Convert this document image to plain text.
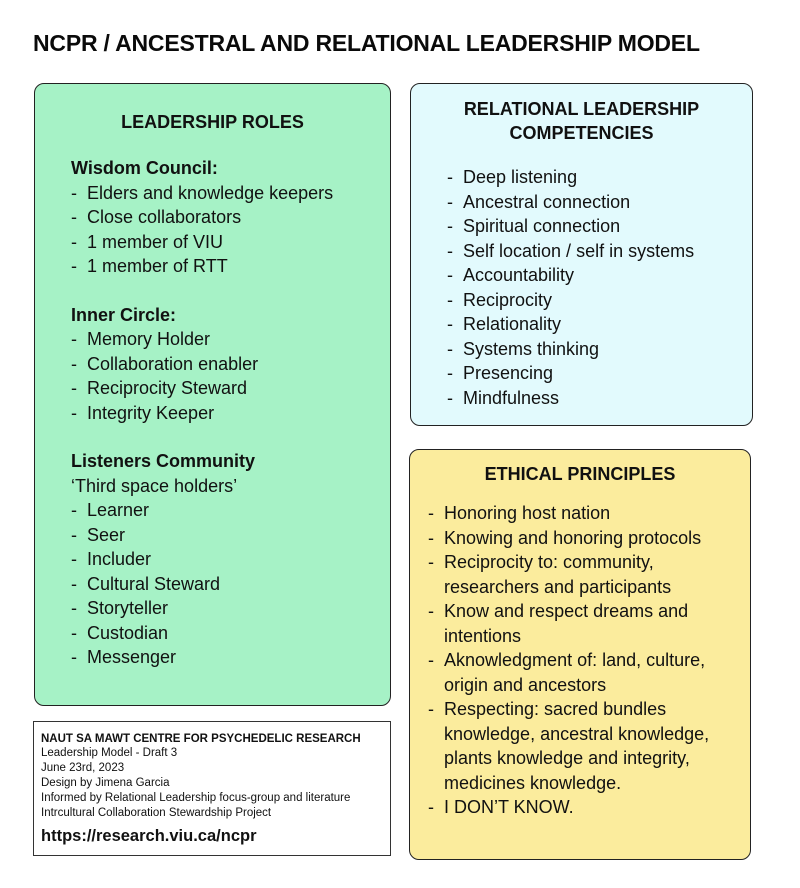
NCPR / ANCESTRAL AND RELATIONAL LEADERSHIP MODEL
LEADERSHIP ROLES
Wisdom Council:
- Elders and knowledge keepers
- Close collaborators
- 1 member of VIU
- 1 member of RTT
Inner Circle:
- Memory Holder
- Collaboration enabler
- Reciprocity Steward
- Integrity Keeper
Listeners Community
‘Third space holders’
- Learner
- Seer
- Includer
- Cultural Steward
- Storyteller
- Custodian
- Messenger
RELATIONAL LEADERSHIP
COMPETENCIES
- Deep listening
- Ancestral connection
- Spiritual connection
- Self location / self in systems
- Accountability
- Reciprocity
- Relationality
- Systems thinking
- Presencing
- Mindfulness
ETHICAL PRINCIPLES
- Honoring host nation
- Knowing and honoring protocols
- Reciprocity to: community, researchers and participants
- Know and respect dreams and intentions
- Aknowledgment of: land, culture, origin and ancestors
- Respecting: sacred bundles knowledge, ancestral knowledge, plants knowledge and integrity, medicines knowledge.
- I DON’T KNOW.
NAUT SA MAWT CENTRE FOR PSYCHEDELIC RESEARCH
Leadership Model - Draft 3
June 23rd, 2023
Design by Jimena Garcia
Informed by Relational Leadership focus-group and literature
Intrcultural Collaboration Stewardship Project
https://research.viu.ca/ncpr
